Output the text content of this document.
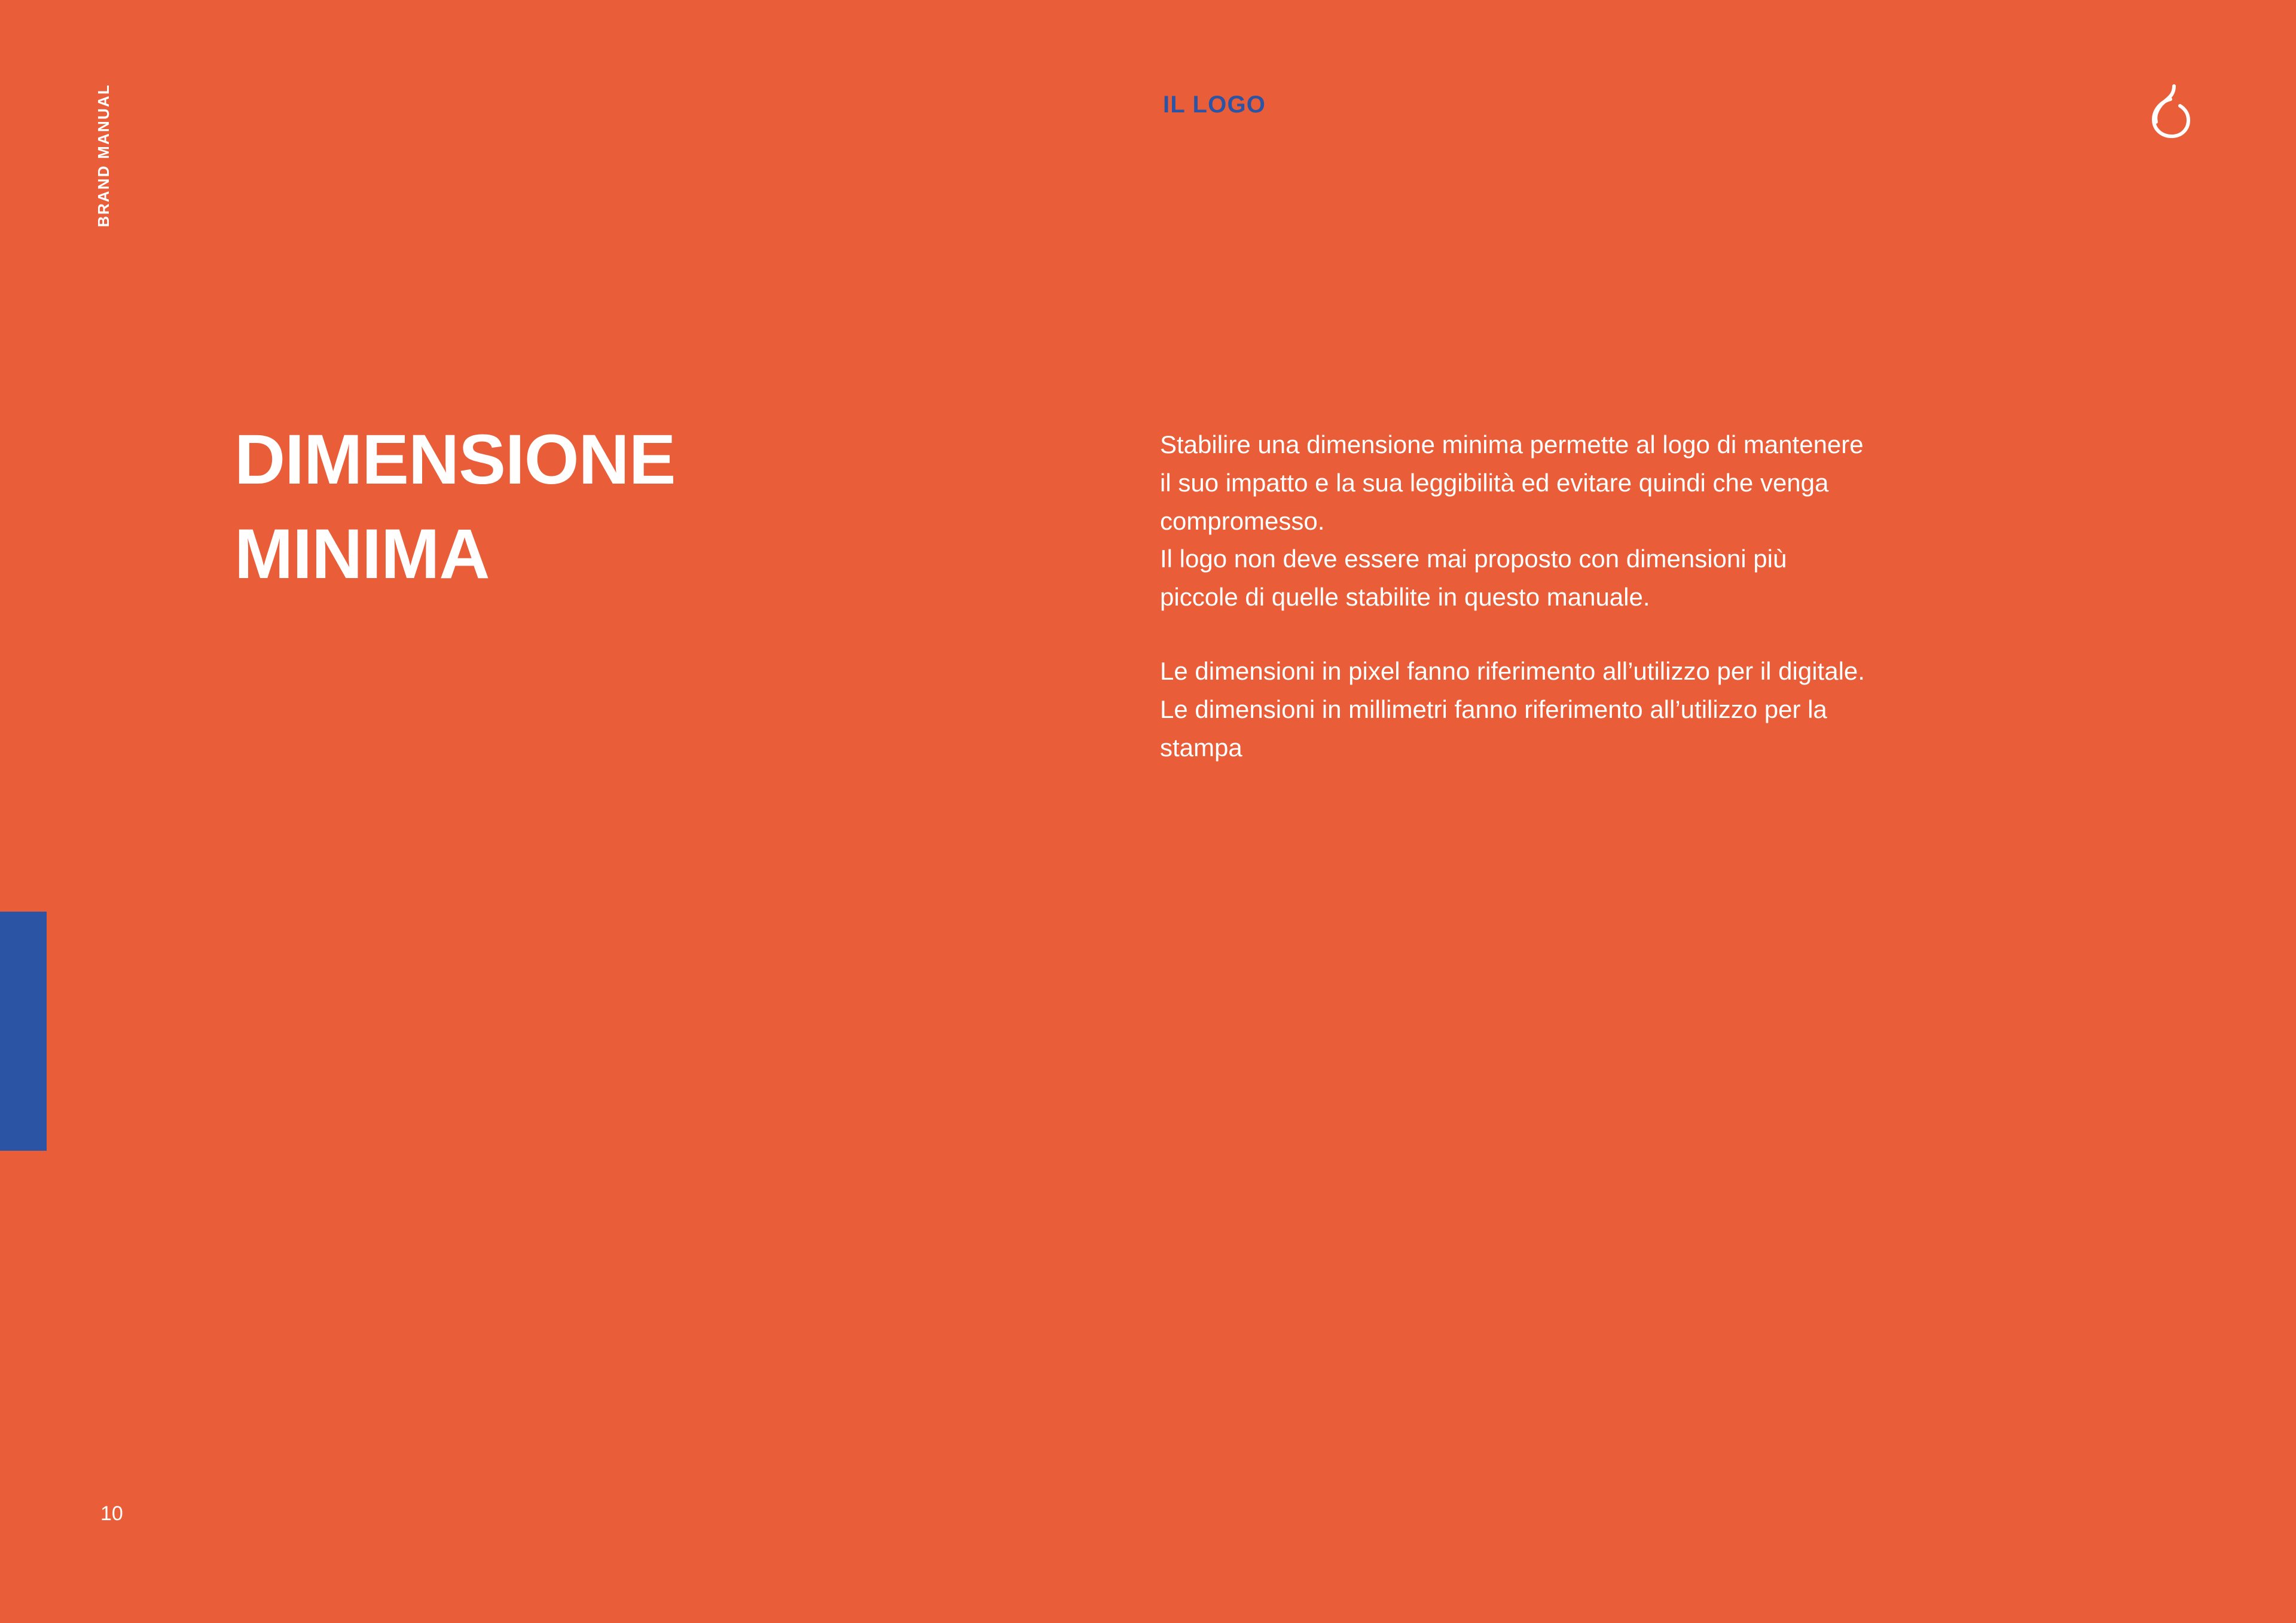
BRAND MANUAL	IL LOGO
DIMENSIONE
MINIMA

Stabilire una dimensione minima permette al logo di mantenere il suo impatto e la sua leggibilità ed evitare quindi che venga compromesso.

Il logo non deve essere mai proposto con dimensioni più piccole di quelle stabilite in questo manuale.

Le dimensioni in pixel fanno riferimento all’utilizzo per il digitale.

Le dimensioni in millimetri fanno riferimento all’utilizzo per la stampa

10
